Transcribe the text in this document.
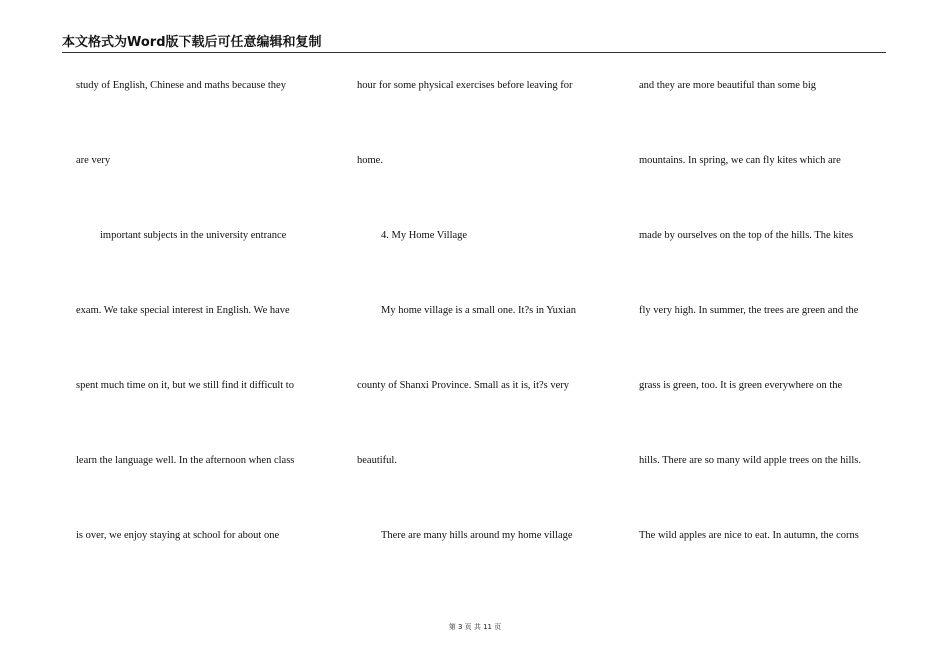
本文格式为Word版下载后可任意编辑和复制
study of English, Chinese and maths because they
are very
important subjects in the university entrance
exam. We take special interest in English. We have
spent much time on it, but we still find it difficult to
learn the language well. In the afternoon when class
is over, we enjoy staying at school for about one
hour for some physical exercises before leaving for
home.
4. My Home Village
My home village is a small one. It?s in Yuxian
county of Shanxi Province. Small as it is, it?s very
beautiful.
There are many hills around my home village
and they are more beautiful than some big
mountains. In spring, we can fly kites which are
made by ourselves on the top of the hills. The kites
fly very high. In summer, the trees are green and the
grass is green, too. It is green everywhere on the
hills. There are so many wild apple trees on the hills.
The wild apples are nice to eat. In autumn, the corns
第 3 页 共 11 页
